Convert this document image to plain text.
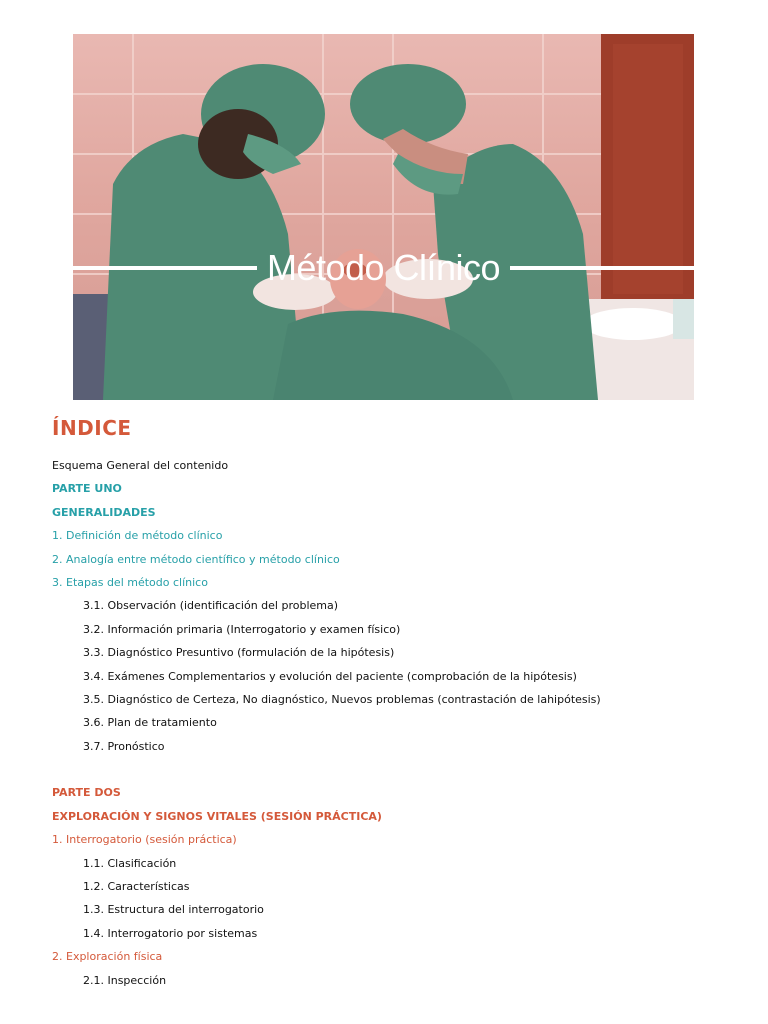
Método Clínico
ÍNDICE
Esquema General del contenido
PARTE UNO
GENERALIDADES
1. Definición de método clínico
2. Analogía entre método científico y método clínico
3. Etapas del método clínico
3.1. Observación (identificación del problema)
3.2. Información primaria (Interrogatorio y examen físico)
3.3. Diagnóstico Presuntivo (formulación de la hipótesis)
3.4. Exámenes Complementarios y evolución del paciente (comprobación de la hipótesis)
3.5. Diagnóstico de Certeza, No diagnóstico, Nuevos problemas (contrastación de lahipótesis)
3.6. Plan de tratamiento
3.7. Pronóstico
PARTE DOS
EXPLORACIÓN Y SIGNOS VITALES (SESIÓN PRÁCTICA)
1. Interrogatorio (sesión práctica)
1.1. Clasificación
1.2. Características
1.3. Estructura del interrogatorio
1.4. Interrogatorio por sistemas
2. Exploración física
2.1. Inspección
